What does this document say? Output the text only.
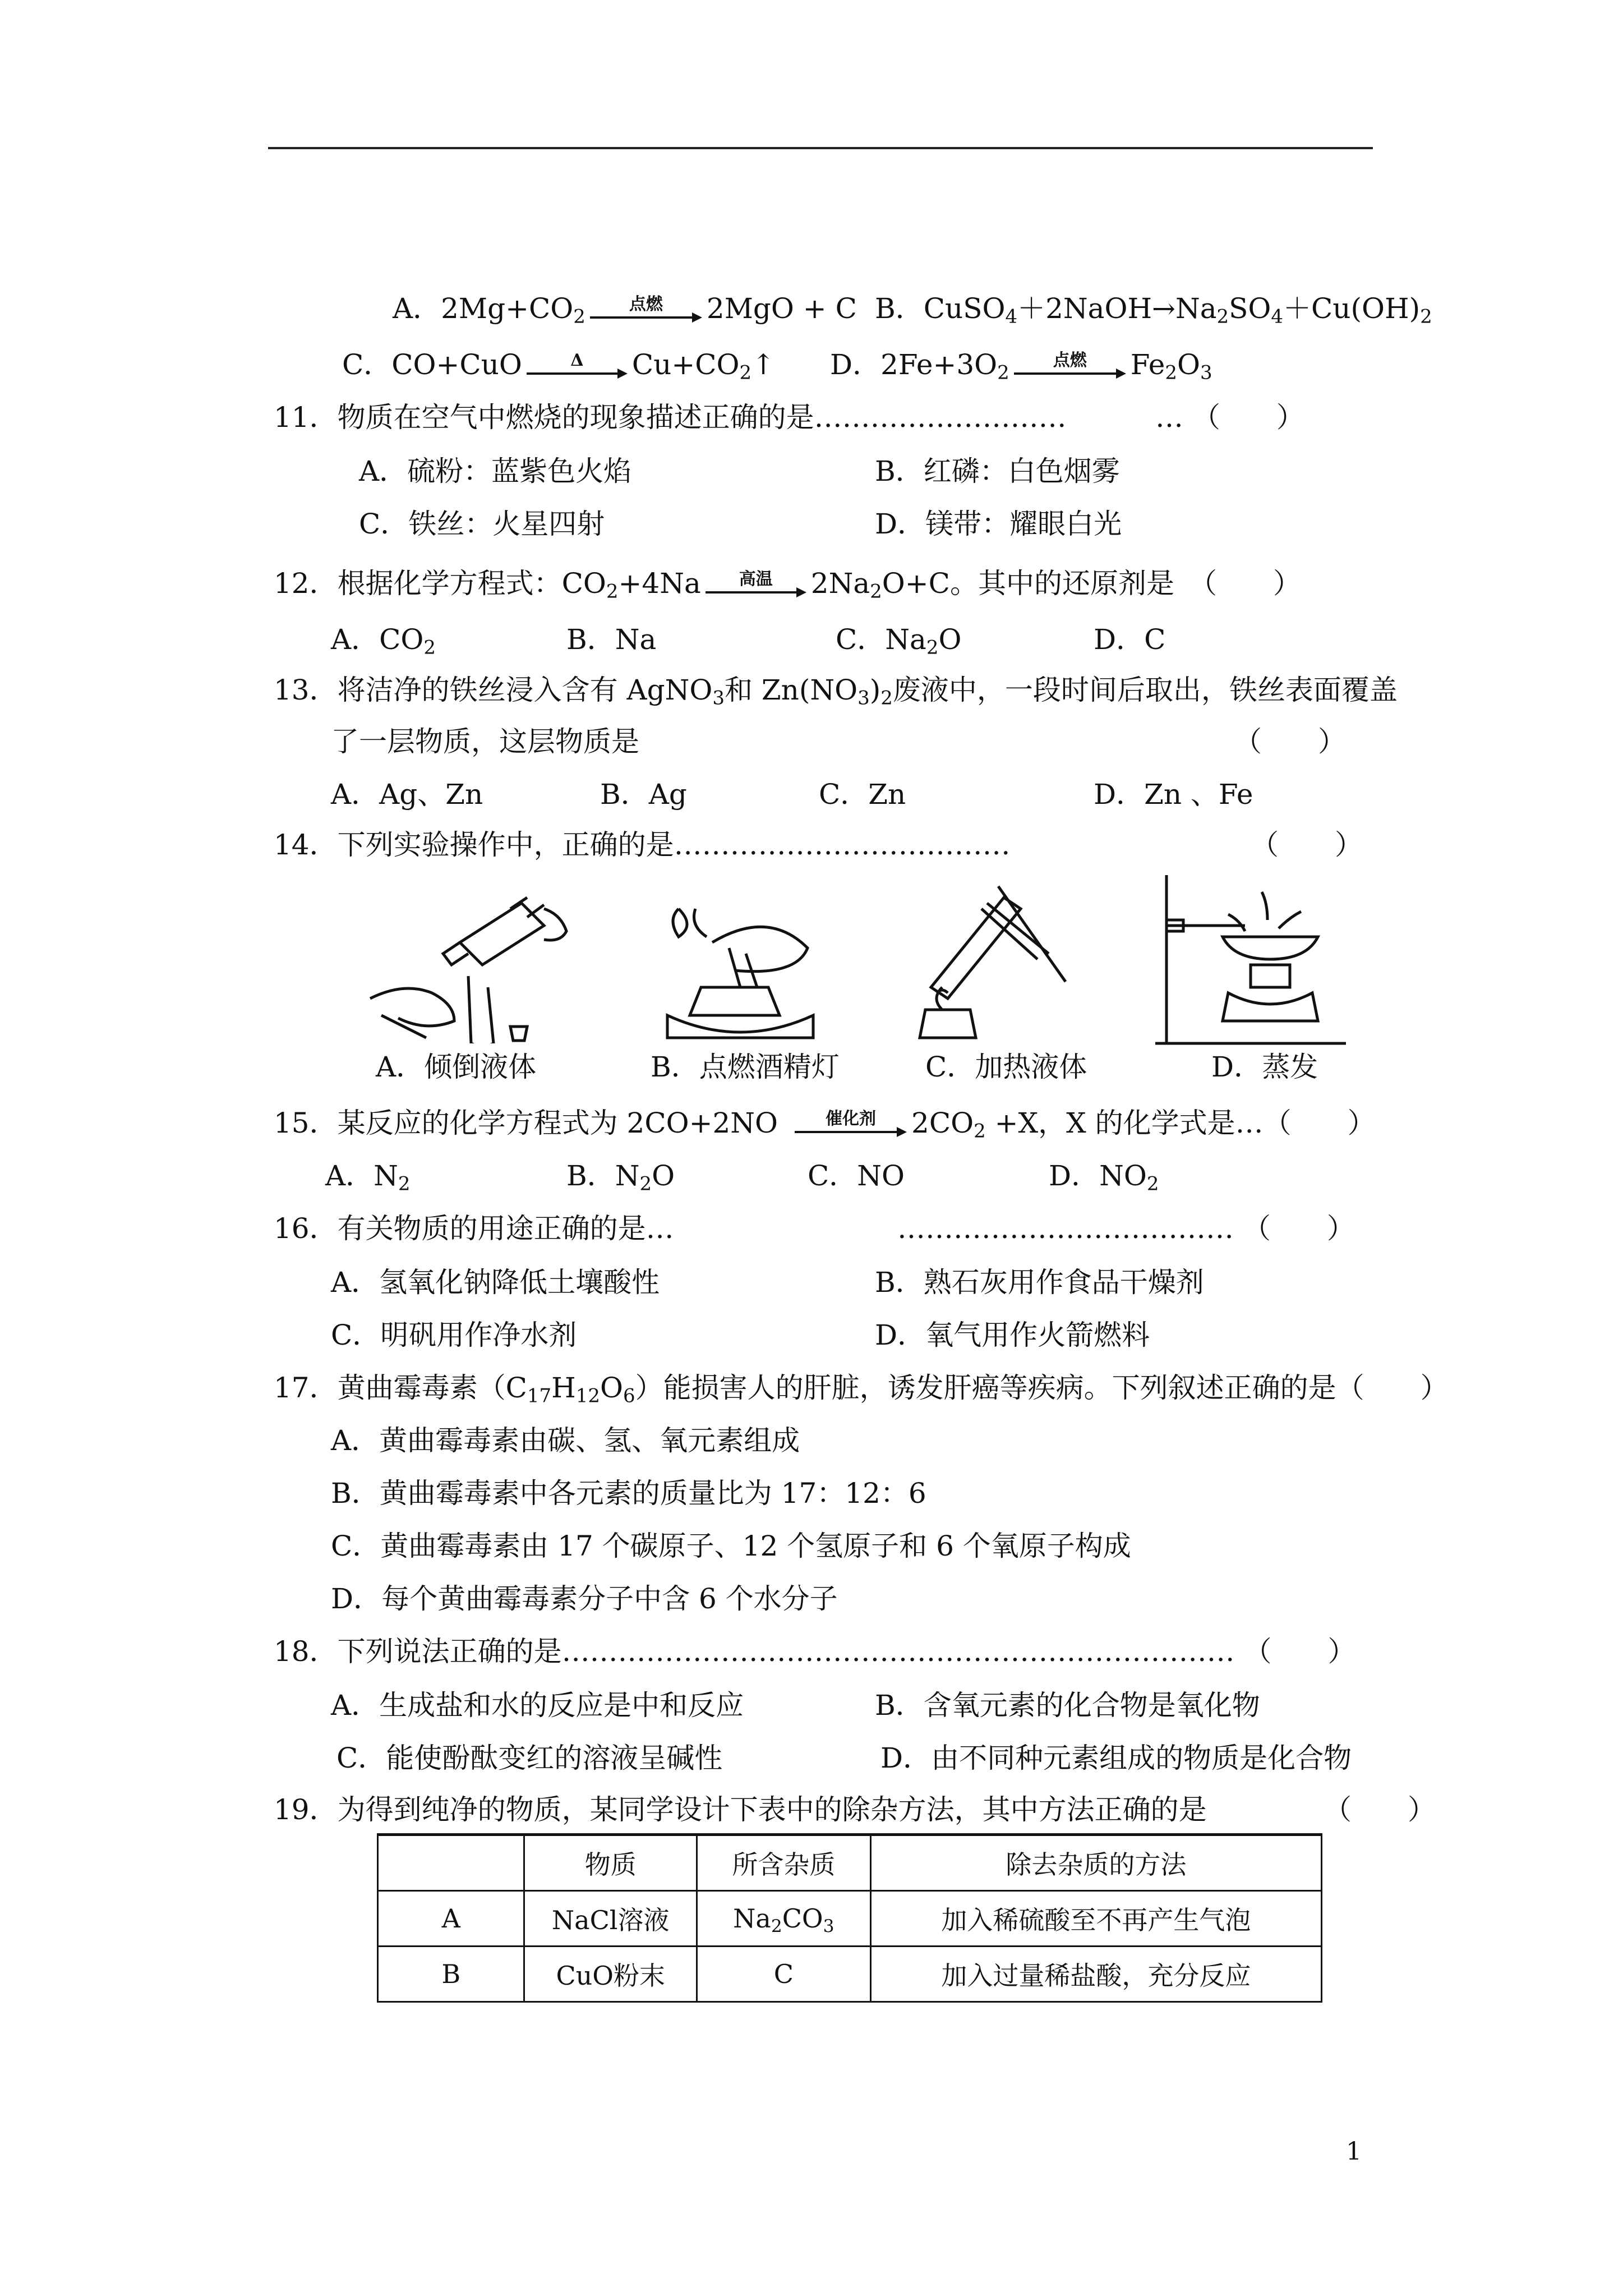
A．$2Mg+CO_2$
点燃	2MgO + C B．$CuSO_4+2NaOH\to Na_2SO_4+Cu(OH)_2$
C．CO+CuO	Δ	$Cu+CO_2↑$ D．$2Fe+3O_2$
点燃	$Fe_2O_3$
11．物质在空气中燃烧的现象描述正确的是………………………	… （　　）
A．硫粉：蓝紫色火焰	B．红磷：白色烟雾
C．铁丝：火星四射	D．镁带：耀眼白光
12．根据化学方程式：$CO_2+4Na$	高温	$2Na_2O+C$。其中的还原剂是 （　　）
A．$CO_2$	B．Na	C．$Na_2O$	D．C
13．将洁净的铁丝浸入含有 AgNO$_3$和 $Zn(NO_3)_2$废液中，一段时间后取出，铁丝表面覆盖
了一层物质，这层物质是	（　　）
A．Ag、Zn	B．Ag	C．Zn	D．Zn 、Fe
14．下列实验操作中，正确的是………………………………	（　　）
A．倾倒液体	B．点燃酒精灯	C．加热液体	D．蒸发
15．某反应的化学方程式为 2CO+2NO	催化剂	$2CO_2 +X$，X 的化学式是…（　　）
A．$N_2$	B．$N_2O$	C．NO	D．$NO_2$
16．有关物质的用途正确的是…	……………………………… （　　）
A．氢氧化钠降低土壤酸性	B．熟石灰用作食品干燥剂
C．明矾用作净水剂	D．氧气用作火箭燃料
17．黄曲霉毒素$(C_{17}H_{12}O_6)$能损害人的肝脏，诱发肝癌等疾病。下列叙述正确的是（　　）
A．黄曲霉毒素由碳、氢、氧元素组成
B．黄曲霉毒素中各元素的质量比为 17：12：6
C．黄曲霉毒素由 17 个碳原子、12 个氢原子和 6 个氧原子构成
D．每个黄曲霉毒素分子中含 6 个水分子
18．下列说法正确的是……………………………………………………………… （　　）
A．生成盐和水的反应是中和反应	B．含氧元素的化合物是氧化物
C．能使酚酞变红的溶液呈碱性	D．由不同种元素组成的物质是化合物
19．为得到纯净的物质，某同学设计下表中的除杂方法，其中方法正确的是	（　　）
	物质	所含杂质	除去杂质的方法
A	NaCl溶液	$Na_2CO_3$	加入稀硫酸至不再产生气泡
B	CuO粉末	C	加入过量稀盐酸，充分反应
1
